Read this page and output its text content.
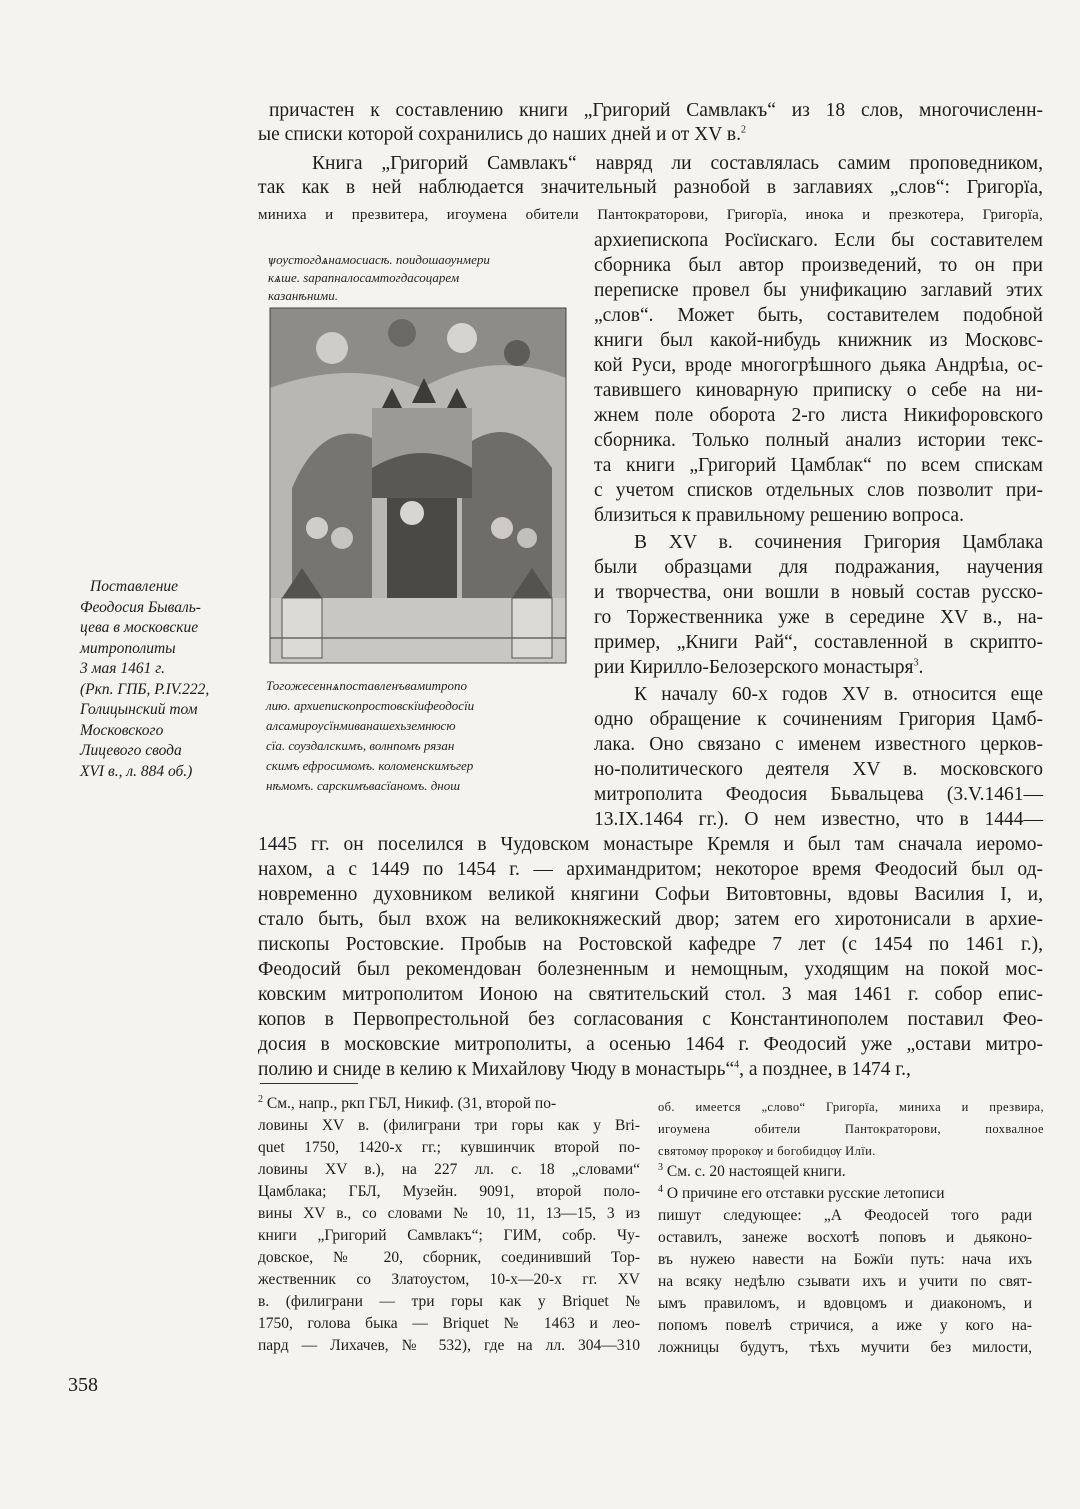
причастен к составлению книги „Григорий Самвлакъ“ из 18 слов, многочисленн-
ые списки которой сохранились до наших дней и от XV в.$^2$
Книга „Григорий Самвлакъ“ навряд ли составлялась самим проповедником,
так как в ней наблюдается значительный разнобой в заглавиях „слов“: Григорїа,
миниха и презвитера, игоумена обители Пантократорови, Григорїа, инока и презкотера, Григорїа,
ѱоустогдѧнамосиасѣ. поидошаѹнмери
кѧше. ѕарапналосамтогдасоцарем
казанѣними.
Тогожесеннѧпоставленъвамитропо
лию. архиепископростовскїифеодосїи
алсамироусїнмиванашехьземнюсю
сїа. соуздалскимъ, волнпомъ рязан
скимъ ефросимомъ. коломенскимъгер
нѣмомъ. сарскимъвасїаномъ. днош
Поставление
Феодосия Бываль-
цева в московские
митрополиты
3 мая 1461 г.
(Ркп. ГПБ, P.IV.222,
Голицынский том
Московского
Лицевого свода
XVI в., л. 884 об.)
архиепископа Росїискаго. Если бы составителем
сборника был автор произведений, то он при
переписке провел бы унификацию заглавий этих
„слов“. Может быть, составителем подобной
книги был какой-нибудь книжник из Московс-
кой Руси, вроде многогрѣшного дьяка Андрѣıа, ос-
тавившего киноварную приписку о себе на ни-
жнем поле оборота 2-го листа Никифоровского
сборника. Только полный анализ истории текс-
та книги „Григорий Цамблак“ по всем спискам
с учетом списков отдельных слов позволит при-
близиться к правильному решению вопроса.
В XV в. сочинения Григория Цамблака
были образцами для подражания, научения
и творчества, они вошли в новый состав русско-
го Торжественника уже в середине XV в., на-
пример, „Книги Рай“, составленной в скрипто-
рии Кирилло-Белозерского монастыря$^3$.
К началу 60-х годов XV в. относится еще
одно обращение к сочинениям Григория Цамб-
лака. Оно связано с именем известного церков-
но-политического деятеля XV в. московского
митрополита Феодосия Бьвальцева (3.V.1461—
13.IX.1464 гг.). О нем известно, что в 1444—
1445 гг. он поселился в Чудовском монастыре Кремля и был там сначала иеромо-
нахом, а с 1449 по 1454 г. — архимандритом; некоторое время Феодосий был од-
новременно духовником великой княгини Софьи Витовтовны, вдовы Василия I, и,
стало быть, был вхож на великокняжеский двор; затем его хиротонисали в архие-
пископы Ростовские. Пробыв на Ростовской кафедре 7 лет (с 1454 по 1461 г.),
Феодосий был рекомендован болезненным и немощным, уходящим на покой мос-
ковским митрополитом Ионою на святительский стол. 3 мая 1461 г. собор епис-
копов в Первопрестольной без согласования с Константинополем поставил Фео-
досия в московские митрополиты, а осенью 1464 г. Феодосий уже „остави митро-
полию и сниде в келию к Михайлову Чюду в монастырь“$^4$, а позднее, в 1474 г.,
$^2$ См., напр., ркп ГБЛ, Никиф. (31, второй по-
ловины XV в. (филиграни три горы как у Bri-
quet 1750, 1420-х гг.; кувшинчик второй по-
ловины XV в.), на 227 лл. с. 18 „словами“
Цамблака; ГБЛ, Музейн. 9091, второй поло-
вины XV в., со словами № 10, 11, 13—15, 3 из
книги „Григорий Самвлакъ“; ГИМ, собр. Чу-
довское, № 20, сборник, соединивший Тор-
жественник со Златоустом, 10-х—20-х гг. XV
в. (филиграни — три горы как у Briquet №
1750, голова быка — Briquet № 1463 и лео-
пард — Лихачев, № 532), где на лл. 304—310
об. имеется „слово“ Григорїа, миниха и презвира,
игоумена обители Пантократорови, похвалное
святомѹ пророкѹ и богобидцѹ Илїи.
$^3$ См. с. 20 настоящей книги.
$^4$ О причине его отставки русские летописи
пишут следующее: „А Феодосей того ради
оставилъ, занеже восхотѣ поповъ и дьяконо-
въ нужею навести на Божїи путь: нача ихъ
на всяку недѣлю сзывати ихъ и учити по свят-
ымъ правиломъ, и вдовцомъ и диакономъ, и
попомъ повелѣ стричися, а иже у кого на-
ложницы будутъ, тѣхъ мучити без милости,
358
